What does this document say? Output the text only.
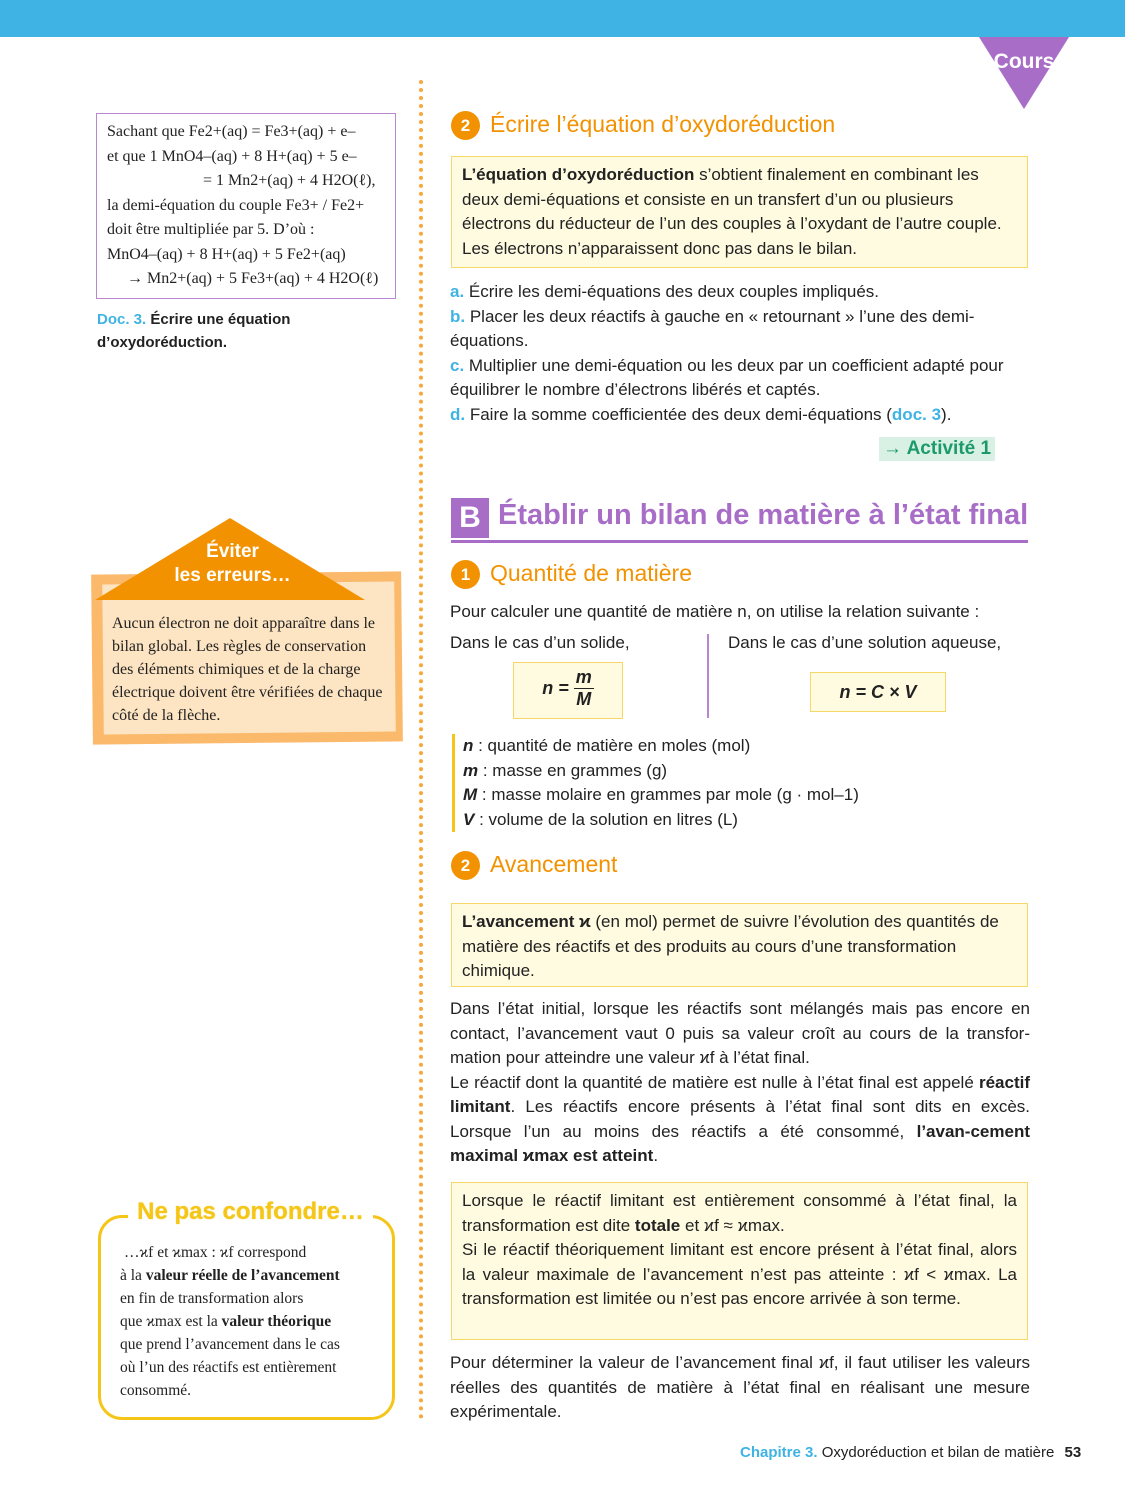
Cours
Sachant que Fe2+(aq) = Fe3+(aq) + e–
et que 1 MnO4–(aq) + 8 H+(aq) + 5 e–
= 1 Mn2+(aq) + 4 H2O(ℓ),
la demi-équation du couple Fe3+ / Fe2+
doit être multipliée par 5. D’où :
MnO4–(aq) + 8 H+(aq) + 5 Fe2+(aq)
→ Mn2+(aq) + 5 Fe3+(aq) + 4 H2O(ℓ)
Doc. 3. Écrire une équation d’oxydoréduction.
Éviter
les erreurs…
Aucun électron ne doit apparaître dans le bilan global. Les règles de conservation des éléments chimiques et de la charge électrique doivent être vérifiées de chaque côté de la flèche.
Ne pas confondre…
…ϰf et ϰmax : ϰf correspond
à la valeur réelle de l’avancement
en fin de transformation alors
que ϰmax est la valeur théorique
que prend l’avancement dans le cas
où l’un des réactifs est entièrement
consommé.
2 Écrire l’équation d’oxydoréduction
L’équation d’oxydoréduction s’obtient finalement en combinant les deux demi-équations et consiste en un transfert d’un ou plusieurs électrons du réducteur de l’un des couples à l’oxydant de l’autre couple. Les électrons n’apparaissent donc pas dans le bilan.
a. Écrire les demi-équations des deux couples impliqués.
b. Placer les deux réactifs à gauche en « retournant » l’une des demi-équations.
c. Multiplier une demi-équation ou les deux par un coefficient adapté pour équilibrer le nombre d’électrons libérés et captés.
d. Faire la somme coefficientée des deux demi-équations (doc. 3).
→ Activité 1
B Établir un bilan de matière à l’état final
1 Quantité de matière
Pour calculer une quantité de matière n, on utilise la relation suivante :
Dans le cas d’un solide,	Dans le cas d’une solution aqueuse,
$n = \frac{m}{M}$	n = C × V
n : quantité de matière en moles (mol)
m : masse en grammes (g)
M : masse molaire en grammes par mole (g · mol–1)
V : volume de la solution en litres (L)
2 Avancement
L’avancement ϰ (en mol) permet de suivre l’évolution des quantités de matière des réactifs et des produits au cours d’une transformation chimique.
Dans l’état initial, lorsque les réactifs sont mélangés mais pas encore en contact, l’avancement vaut 0 puis sa valeur croît au cours de la transfor-mation pour atteindre une valeur ϰf à l’état final.
Le réactif dont la quantité de matière est nulle à l’état final est appelé réactif limitant. Les réactifs encore présents à l’état final sont dits en excès. Lorsque l’un au moins des réactifs a été consommé, l’avan-cement maximal ϰmax est atteint.
Lorsque le réactif limitant est entièrement consommé à l’état final, la transformation est dite totale et ϰf ≈ ϰmax.
Si le réactif théoriquement limitant est encore présent à l’état final, alors la valeur maximale de l’avancement n’est pas atteinte : ϰf < ϰmax. La transformation est limitée ou n’est pas encore arrivée à son terme.
Pour déterminer la valeur de l’avancement final ϰf, il faut utiliser les valeurs réelles des quantités de matière à l’état final en réalisant une mesure expérimentale.
Chapitre 3. Oxydoréduction et bilan de matière 53
